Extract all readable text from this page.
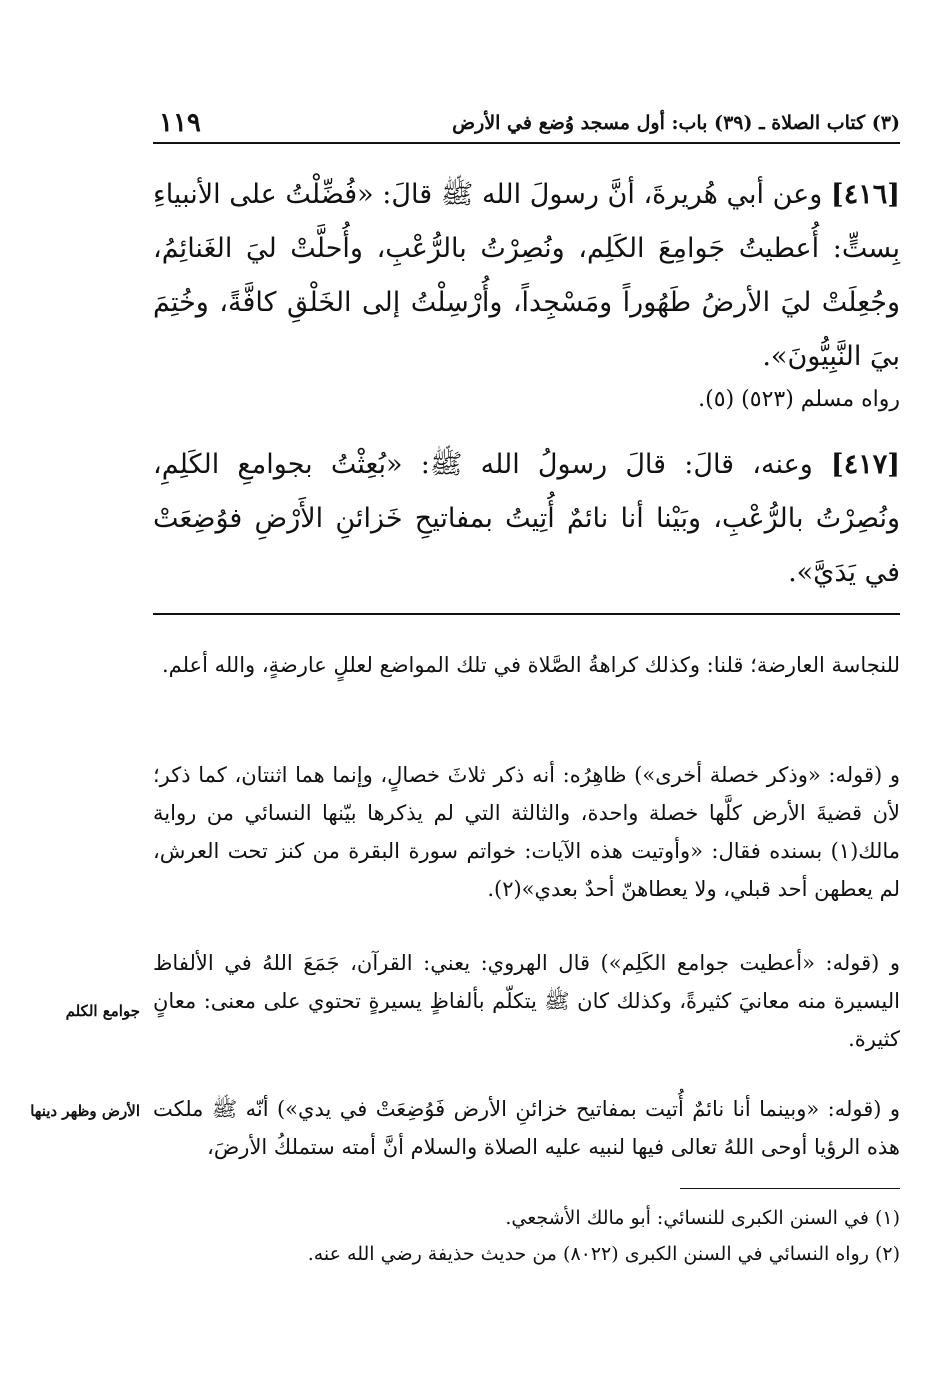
١١٩	(٣) كتاب الصلاة ـ (٣٩) باب: أول مسجد وُضع في الأرض
[٤١٦] وعن أبي هُريرةَ، أنَّ رسولَ الله ﷺ قالَ: «فُضِّلْتُ على الأنبياءِ بِستٍّ: أُعطيتُ جَوامِعَ الكَلِم، ونُصِرْتُ بالرُّعْبِ، وأُحلَّتْ ليَ الغَنائِمُ، وجُعِلَتْ ليَ الأرضُ طَهُوراً ومَسْجِداً، وأُرْسِلْتُ إلى الخَلْقِ كافَّةً، وخُتِمَ بيَ النَّبِيُّونَ».
رواه مسلم (٥٢٣) (٥).
[٤١٧] وعنه، قالَ: قالَ رسولُ الله ﷺ: «بُعِثْتُ بجوامعِ الكَلِمِ، ونُصِرْتُ بالرُّعْبِ، وبَيْنا أنا نائمٌ أُتِيتُ بمفاتيحِ خَزائنِ الأَرْضِ فوُضِعَتْ في يَدَيَّ».
للنجاسة العارضة؛ قلنا: وكذلك كراهةُ الصَّلاة في تلك المواضع لعللٍ عارضةٍ، والله أعلم.
و (قوله: «وذكر خصلة أخرى») ظاهِرُه: أنه ذكر ثلاثَ خصالٍ، وإنما هما اثنتان، كما ذكر؛ لأن قضيةَ الأرض كلَّها خصلة واحدة، والثالثة التي لم يذكرها بيّنها النسائي من رواية مالك(١) بسنده فقال: «وأوتيت هذه الآيات: خواتم سورة البقرة من كنز تحت العرش، لم يعطهن أحد قبلي، ولا يعطاهنّ أحدٌ بعدي»(٢).
و (قوله: «أعطيت جوامع الكَلِم») قال الهروي: يعني: القرآن، جَمَعَ اللهُ في الألفاظ اليسيرة منه معانيَ كثيرةً، وكذلك كان ﷺ يتكلّم بألفاظٍ يسيرةٍ تحتوي على معنى: معانٍ كثيرة.
و (قوله: «وبينما أنا نائمٌ أُتيت بمفاتيح خزائنِ الأرض فَوُضِعَتْ في يدي») أنّه ﷺ ملكت هذه الرؤيا أوحى اللهُ تعالى فيها لنبيه عليه الصلاة والسلام أنَّ أمته ستملكُ الأرضَ،
جوامع الكلم
الأرض وظهر دينها
(١) في السنن الكبرى للنسائي: أبو مالك الأشجعي.
(٢) رواه النسائي في السنن الكبرى (٨٠٢٢) من حديث حذيفة رضي الله عنه.
